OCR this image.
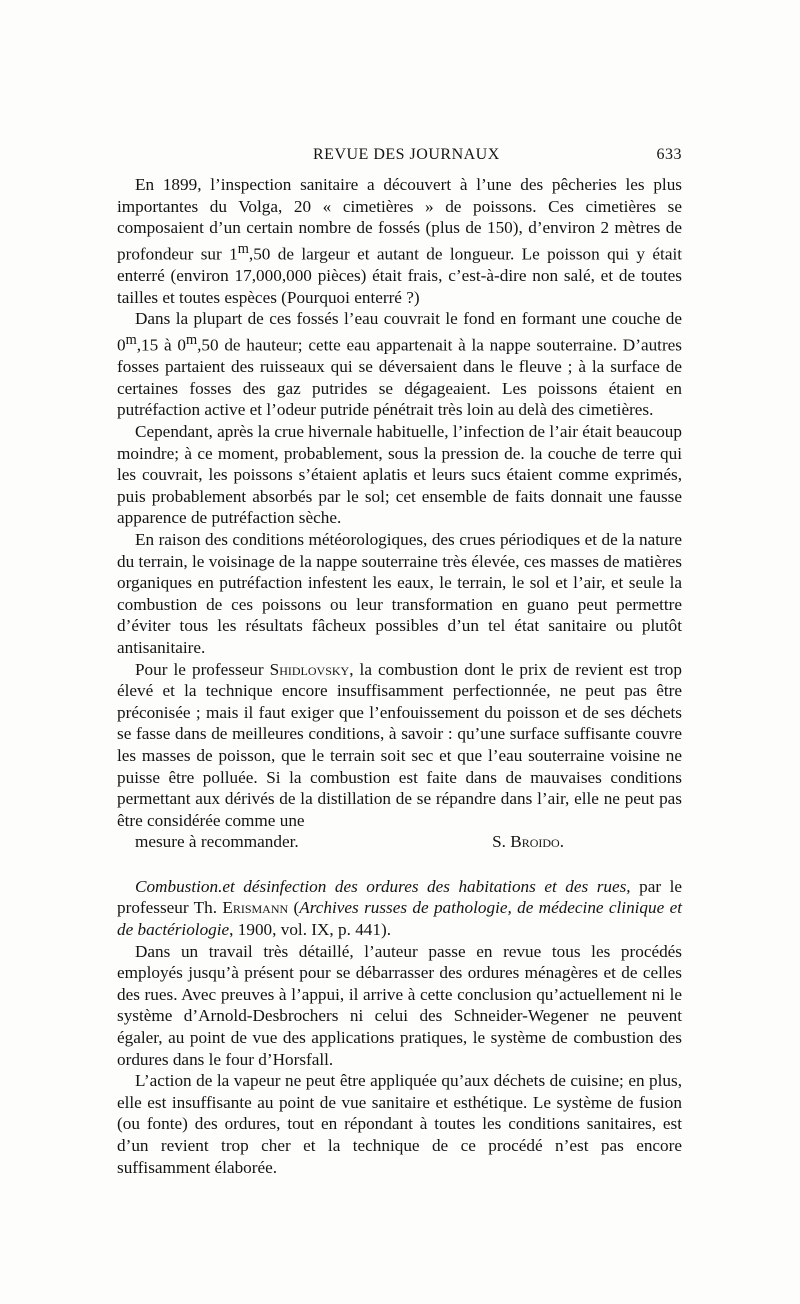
REVUE DES JOURNAUX	633

En 1899, l’inspection sanitaire a découvert à l’une des pêcheries les plus importantes du Volga, 20 « cimetières » de poissons. Ces cimetières se composaient d’un certain nombre de fossés (plus de 150), d’environ 2 mètres de profondeur sur 1$^m$,50 de largeur et autant de longueur. Le poisson qui y était enterré (environ 17,000,000 pièces) était frais, c’est-à-dire non salé, et de toutes tailles et toutes espèces (Pourquoi enterré ?)

Dans la plupart de ces fossés l’eau couvrait le fond en formant une couche de 0$^m$,15 à 0$^m$,50 de hauteur; cette eau appartenait à la nappe souterraine. D’autres fosses partaient des ruisseaux qui se déversaient dans le fleuve ; à la surface de certaines fosses des gaz putrides se dégageaient. Les poissons étaient en putréfaction active et l’odeur putride pénétrait très loin au delà des cimetières.

Cependant, après la crue hivernale habituelle, l’infection de l’air était beaucoup moindre; à ce moment, probablement, sous la pression de. la couche de terre qui les couvrait, les poissons s’étaient aplatis et leurs sucs étaient comme exprimés, puis probablement absorbés par le sol; cet ensemble de faits donnait une fausse apparence de putréfaction sèche.

En raison des conditions météorologiques, des crues périodiques et de la nature du terrain, le voisinage de la nappe souterraine très élevée, ces masses de matières organiques en putréfaction infestent les eaux, le terrain, le sol et l’air, et seule la combustion de ces poissons ou leur transformation en guano peut permettre d’éviter tous les résultats fâcheux possibles d’un tel état sanitaire ou plutôt antisanitaire.

Pour le professeur Shidlovsky, la combustion dont le prix de revient est trop élevé et la technique encore insuffisamment perfectionnée, ne peut pas être préconisée ; mais il faut exiger que l’enfouissement du poisson et de ses déchets se fasse dans de meilleures conditions, à savoir : qu’une surface suffisante couvre les masses de poisson, que le terrain soit sec et que l’eau souterraine voisine ne puisse être polluée. Si la combustion est faite dans de mauvaises conditions permettant aux dérivés de la distillation de se répandre dans l’air, elle ne peut pas être considérée comme une

mesure à recommander.	S. Broido.

Combustion.et désinfection des ordures des habitations et des rues, par le professeur Th. Erismann (Archives russes de pathologie, de médecine clinique et de bactériologie, 1900, vol. IX, p. 441).

Dans un travail très détaillé, l’auteur passe en revue tous les procédés employés jusqu’à présent pour se débarrasser des ordures ménagères et de celles des rues. Avec preuves à l’appui, il arrive à cette conclusion qu’actuellement ni le système d’Arnold-Desbrochers ni celui des Schneider-Wegener ne peuvent égaler, au point de vue des applications pratiques, le système de combustion des ordures dans le four d’Horsfall.

L’action de la vapeur ne peut être appliquée qu’aux déchets de cuisine; en plus, elle est insuffisante au point de vue sanitaire et esthétique. Le système de fusion (ou fonte) des ordures, tout en répondant à toutes les conditions sanitaires, est d’un revient trop cher et la technique de ce procédé n’est pas encore suffisamment élaborée.
